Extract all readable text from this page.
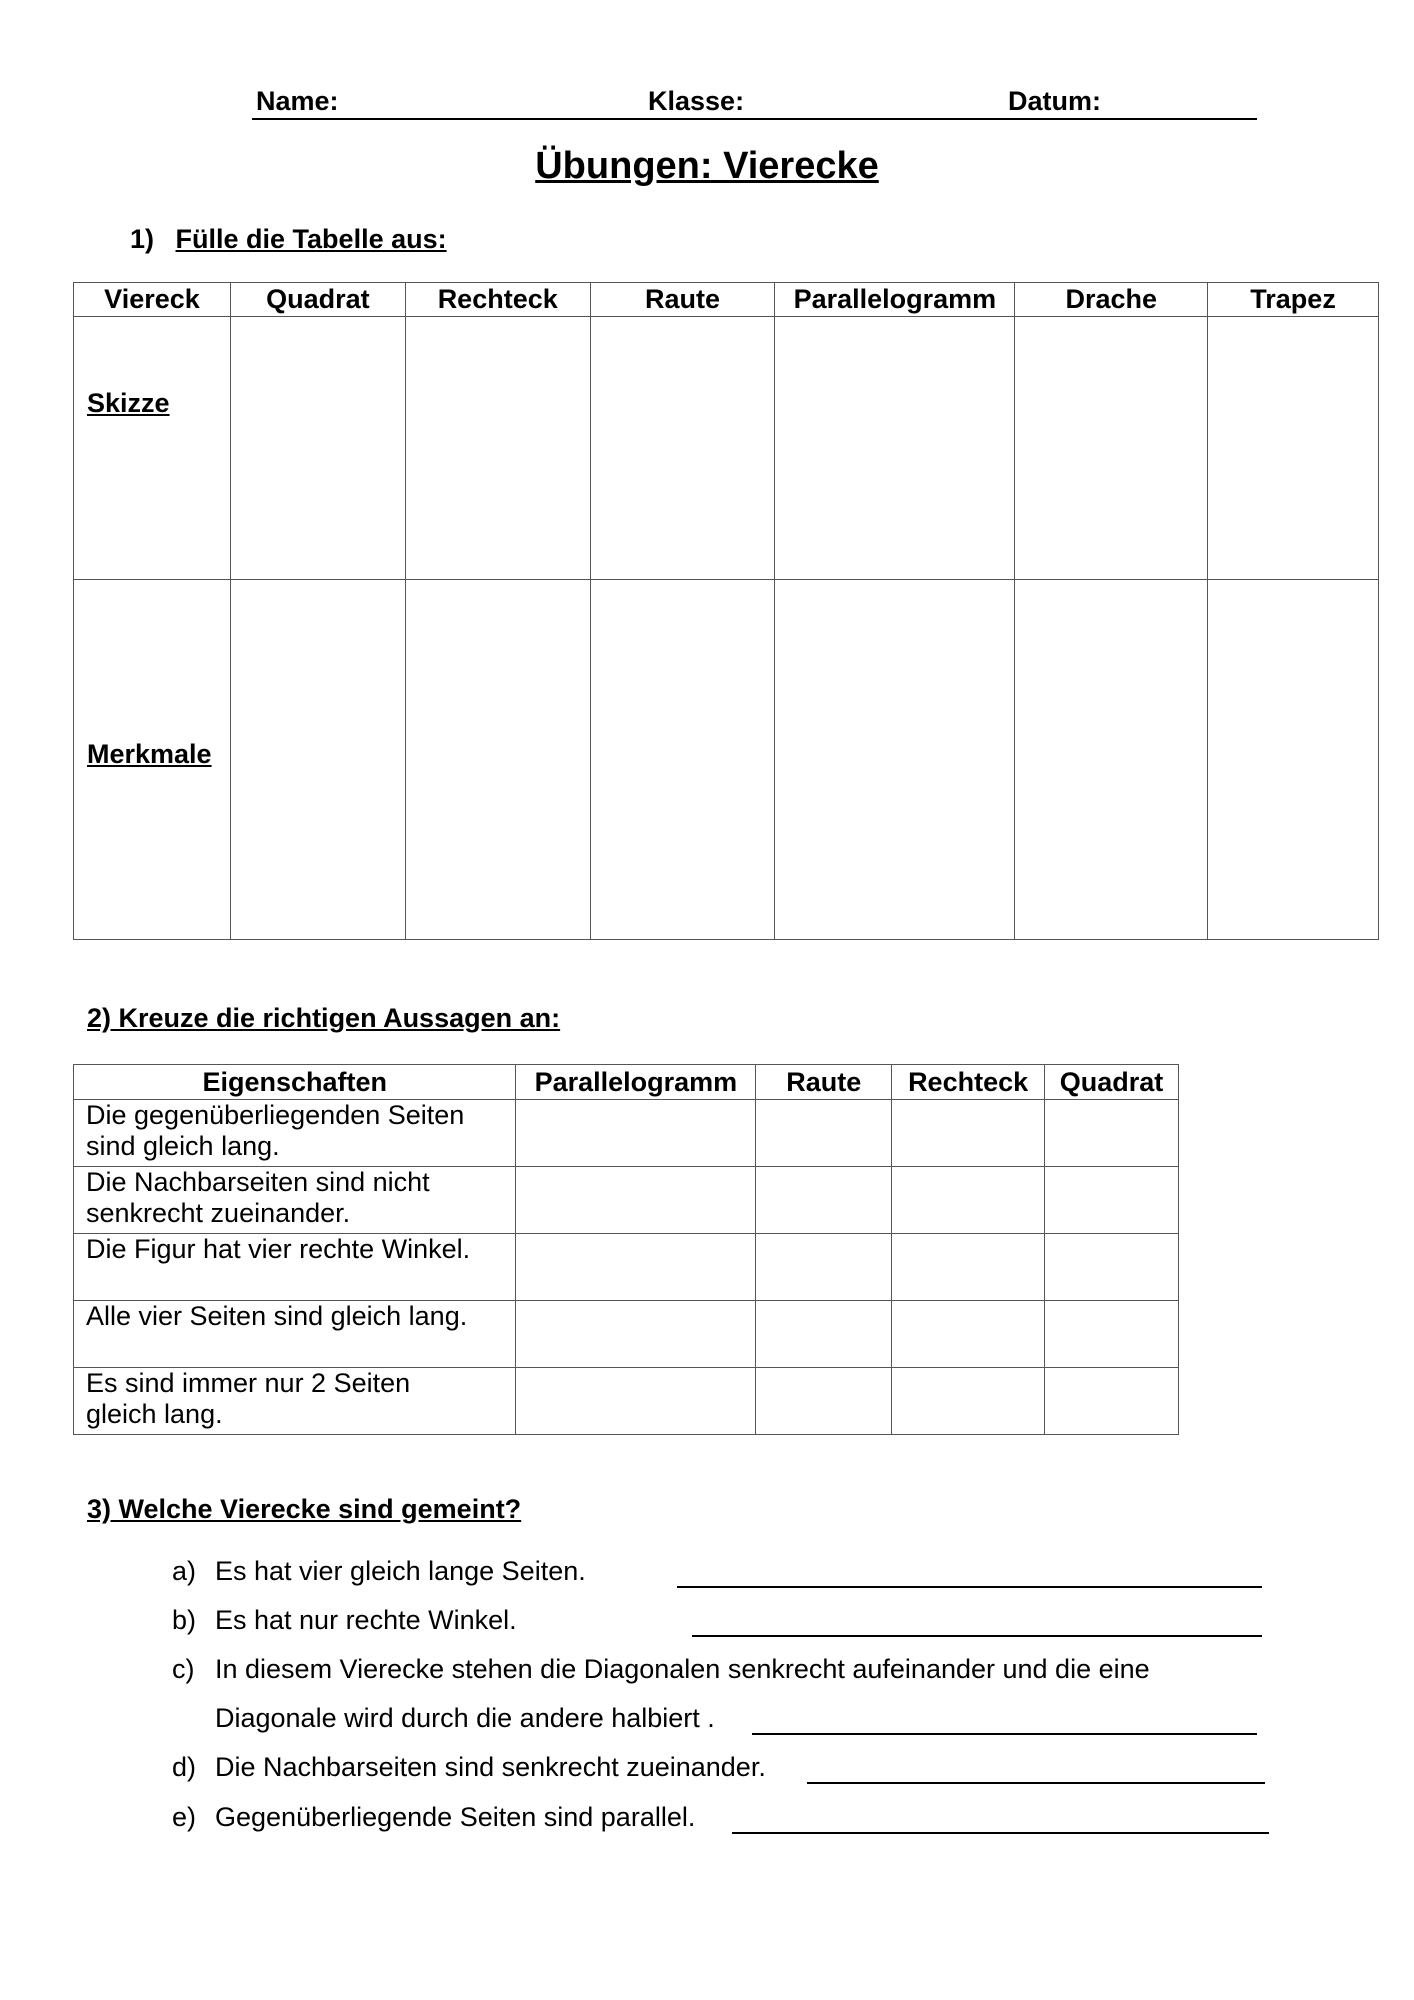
Name:	Klasse:	Datum:
Übungen: Vierecke
1) Fülle die Tabelle aus:
Viereck	Quadrat	Rechteck	Raute	Parallelogramm	Drache	Trapez
Skizze						
Merkmale						
2) Kreuze die richtigen Aussagen an:
Eigenschaften	Parallelogramm	Raute	Rechteck	Quadrat
Die gegenüberliegenden Seiten
sind gleich lang.				
Die Nachbarseiten sind nicht
senkrecht zueinander.				
Die Figur hat vier rechte Winkel.				
Alle vier Seiten sind gleich lang.				
Es sind immer nur 2 Seiten
gleich lang.				
3) Welche Vierecke sind gemeint?
a) Es hat vier gleich lange Seiten.
b) Es hat nur rechte Winkel.
c) In diesem Vierecke stehen die Diagonalen senkrecht aufeinander und die eine
Diagonale wird durch die andere halbiert .
d) Die Nachbarseiten sind senkrecht zueinander.
e) Gegenüberliegende Seiten sind parallel.
